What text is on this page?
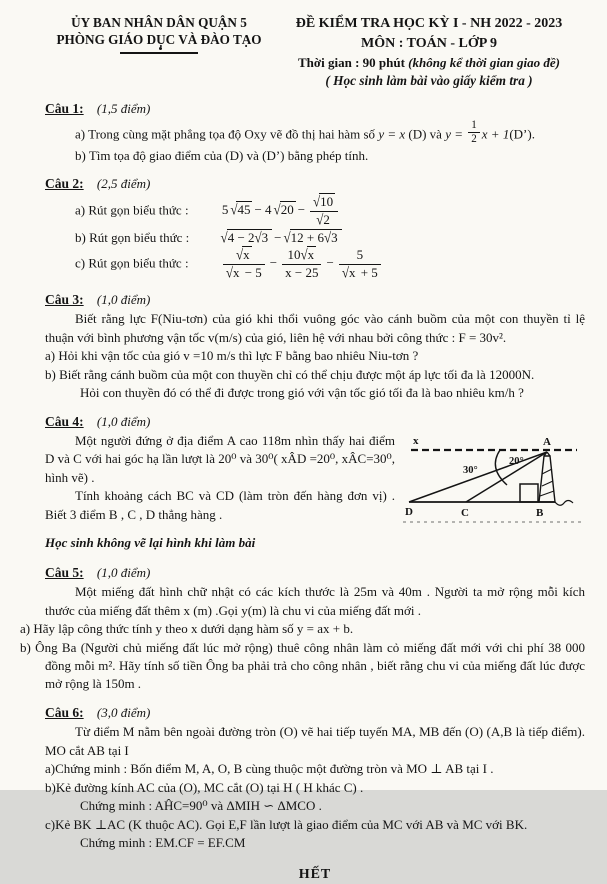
ỦY BAN NHÂN DÂN QUẬN 5
PHÒNG GIÁO DỤC VÀ ĐÀO TẠO
ĐỀ KIỂM TRA HỌC KỲ I - NH 2022 - 2023
MÔN : TOÁN - LỚP 9
Thời gian : 90 phút (không kể thời gian giao đề)
( Học sinh làm bài vào giấy kiểm tra )
Câu 1: (1,5 điểm)
a) Trong cùng mặt phẳng tọa độ Oxy vẽ đồ thị hai hàm số y = x (D) và $y = \frac{1}{2}$ x + 1(D’).
b) Tìm tọa độ giao điểm của (D) và (D’) bằng phép tính.
Câu 2: (2,5 điểm)
a) Rút gọn biểu thức :	5 √45 − 4 $√20 - \frac{√10}{√2}$
b) Rút gọn biểu thức : √4 − 2√3 − √12 + 6√3
c) Rút gọn biểu thức :	$\frac{√x}{√x - 5} - \frac{10√x}{x - 25} - \frac{5}{√x + 5}$
Câu 3: (1,0 điểm)

Biết rằng lực F(Niu-tơn) của gió khi thổi vuông góc vào cánh buồm của một con thuyền tỉ lệ thuận với bình phương vận tốc v(m/s) của gió, liên hệ với nhau bởi công thức : F = 30v².

a) Hỏi khi vận tốc của gió v =10 m/s thì lực F bằng bao nhiêu Niu-tơn ?

b) Biết rằng cánh buồm của một con thuyền chỉ có thể chịu được một áp lực tối đa là 12000N.

Hỏi con thuyền đó có thể đi được trong gió với vận tốc gió tối đa là bao nhiêu km/h ?

Câu 4: (1,0 điểm)
x	A
20°
30°
D	C	B

Một người đứng ở địa điểm A cao 118m nhìn thấy hai điểm D và C với hai góc hạ lần lượt là 20⁰ và 30⁰( xÂD =20⁰, xÂC=30⁰, hình vẽ) .

Tính khoảng cách BC và CD (làm tròn đến hàng đơn vị) . Biết 3 điểm B , C , D thẳng hàng .

Học sinh không vẽ lại hình khi làm bài

Câu 5: (1,0 điểm)

Một miếng đất hình chữ nhật có các kích thước là 25m và 40m . Người ta mở rộng mỗi kích thước của miếng đất thêm x (m) .Gọi y(m) là chu vi của miếng đất mới .

a) Hãy lập công thức tính y theo x dưới dạng hàm số y = ax + b.

b) Ông Ba (Người chủ miếng đất lúc mở rộng) thuê công nhân làm cỏ miếng đất mới với chi phí 38 000 đồng mỗi m². Hãy tính số tiền Ông ba phải trả cho công nhân , biết rằng chu vi của miếng đất lúc được mở rộng là 150m .

Câu 6: (3,0 điểm)

Từ điểm M nằm bên ngoài đường tròn (O) vẽ hai tiếp tuyến MA, MB đến (O) (A,B là tiếp điểm). MO cắt AB tại I

a)Chứng minh : Bốn điểm M, A, O, B cùng thuộc một đường tròn và MO ⊥ AB tại I .

b)Kẻ đường kính AC của (O), MC cắt (O) tại H ( H khác C) .

Chứng minh : AĤC=90⁰ và ΔMIH ∽ ΔMCO .

c)Kẻ BK ⊥AC (K thuộc AC). Gọi E,F lần lượt là giao điểm của MC với AB và MC với BK.

Chứng minh : EM.CF = EF.CM

HẾT
